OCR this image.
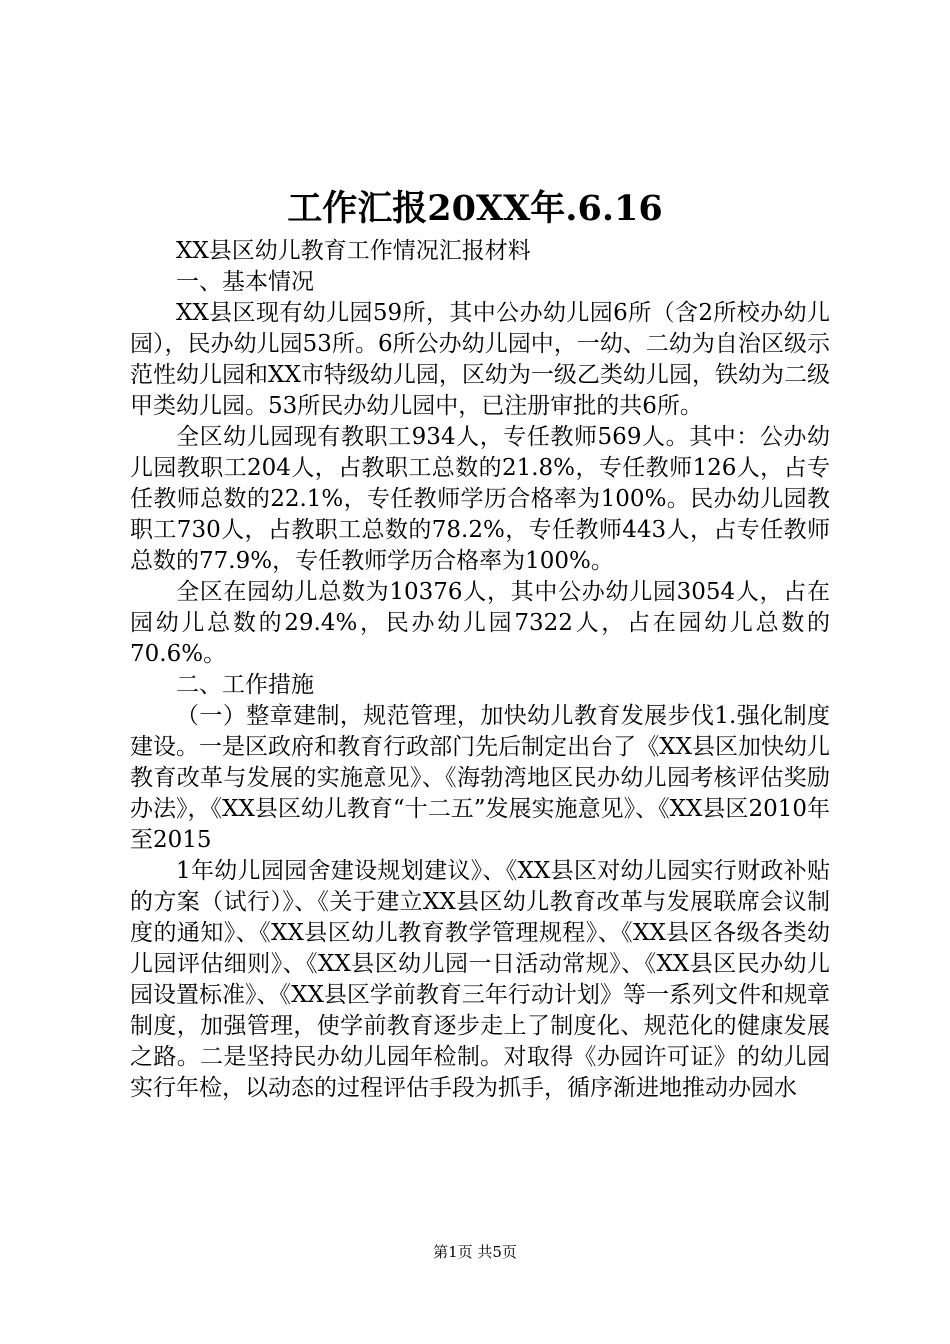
工作汇报20XX年.6.16

XX县区幼儿教育工作情况汇报材料

一、基本情况

XX县区现有幼儿园59所，其中公办幼儿园6所（含2所校办幼儿园），民办幼儿园53所。6所公办幼儿园中，一幼、二幼为自治区级示范性幼儿园和XX市特级幼儿园，区幼为一级乙类幼儿园，铁幼为二级甲类幼儿园。53所民办幼儿园中，已注册审批的共6所。

全区幼儿园现有教职工934人，专任教师569人。其中：公办幼儿园教职工204人，占教职工总数的21.8%，专任教师126人，占专任教师总数的22.1%，专任教师学历合格率为100%。民办幼儿园教职工730人，占教职工总数的78.2%，专任教师443人，占专任教师总数的77.9%，专任教师学历合格率为100%。

全区在园幼儿总数为10376人，其中公办幼儿园3054人，占在园幼儿总数的29.4%，民办幼儿园7322人，占在园幼儿总数的70.6%。

二、工作措施

（一）整章建制，规范管理，加快幼儿教育发展步伐1.强化制度建设。一是区政府和教育行政部门先后制定出台了《XX县区加快幼儿教育改革与发展的实施意见》、《海勃湾地区民办幼儿园考核评估奖励办法》，《XX县区幼儿教育“十二五”发展实施意见》、《XX县区2010年至2015

1年幼儿园园舍建设规划建议》、《XX县区对幼儿园实行财政补贴的方案（试行）》、《关于建立XX县区幼儿教育改革与发展联席会议制度的通知》、《XX县区幼儿教育教学管理规程》、《XX县区各级各类幼儿园评估细则》、《XX县区幼儿园一日活动常规》、《XX县区民办幼儿园设置标准》、《XX县区学前教育三年行动计划》等一系列文件和规章制度，加强管理，使学前教育逐步走上了制度化、规范化的健康发展之路。二是坚持民办幼儿园年检制。对取得《办园许可证》的幼儿园实行年检，以动态的过程评估手段为抓手，循序渐进地推动办园水

第1页 共5页
